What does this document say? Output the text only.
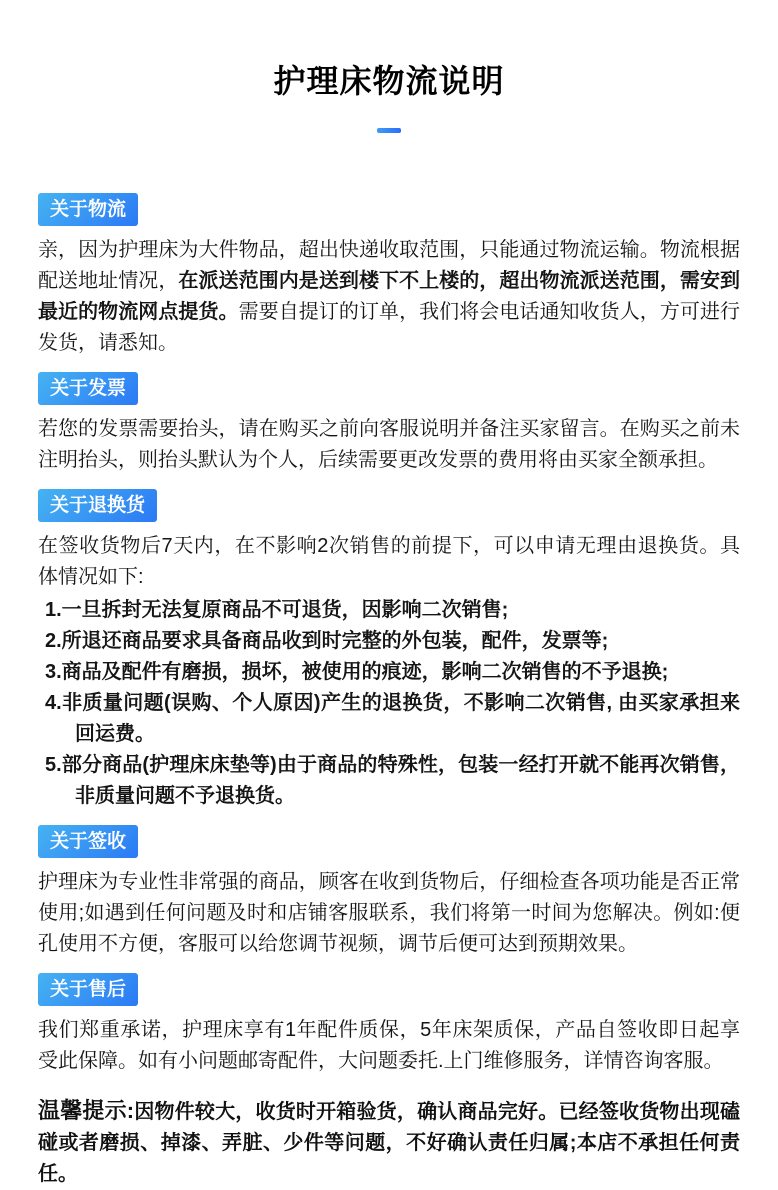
护理床物流说明
关于物流

亲，因为护理床为大件物品，超出快递收取范围，只能通过物流运输。物流根据配送地址情况，在派送范围内是送到楼下不上楼的，超出物流派送范围，需安到最近的物流网点提货。需要自提订的订单，我们将会电话通知收货人，方可进行发货，请悉知。

关于发票

若您的发票需要抬头，请在购买之前向客服说明并备注买家留言。在购买之前未注明抬头，则抬头默认为个人，后续需要更改发票的费用将由买家全额承担。

关于退换货

在签收货物后7天内，在不影响2次销售的前提下，可以申请无理由退换货。具体情况如下:

1.一旦拆封无法复原商品不可退货，因影响二次销售;
2.所退还商品要求具备商品收到时完整的外包装，配件，发票等;
3.商品及配件有磨损，损坏，被使用的痕迹，影响二次销售的不予退换;
4.非质量问题(误购、个人原因)产生的退换货，不影响二次销售, 由买家承担来回运费。
5.部分商品(护理床床垫等)由于商品的特殊性，包装一经打开就不能再次销售，非质量问题不予退换货。
关于签收

护理床为专业性非常强的商品，顾客在收到货物后，仔细检查各项功能是否正常使用;如遇到任何问题及时和店铺客服联系，我们将第一时间为您解决。例如:便孔使用不方便，客服可以给您调节视频，调节后便可达到预期效果。

关于售后

我们郑重承诺，护理床享有1年配件质保，5年床架质保，产品自签收即日起享受此保障。如有小问题邮寄配件，大问题委托.上门维修服务，详情咨询客服。

温馨提示:因物件较大，收货时开箱验货，确认商品完好。已经签收货物出现磕碰或者磨损、掉漆、弄脏、少件等问题，不好确认责任归属;本店不承担任何责任。
